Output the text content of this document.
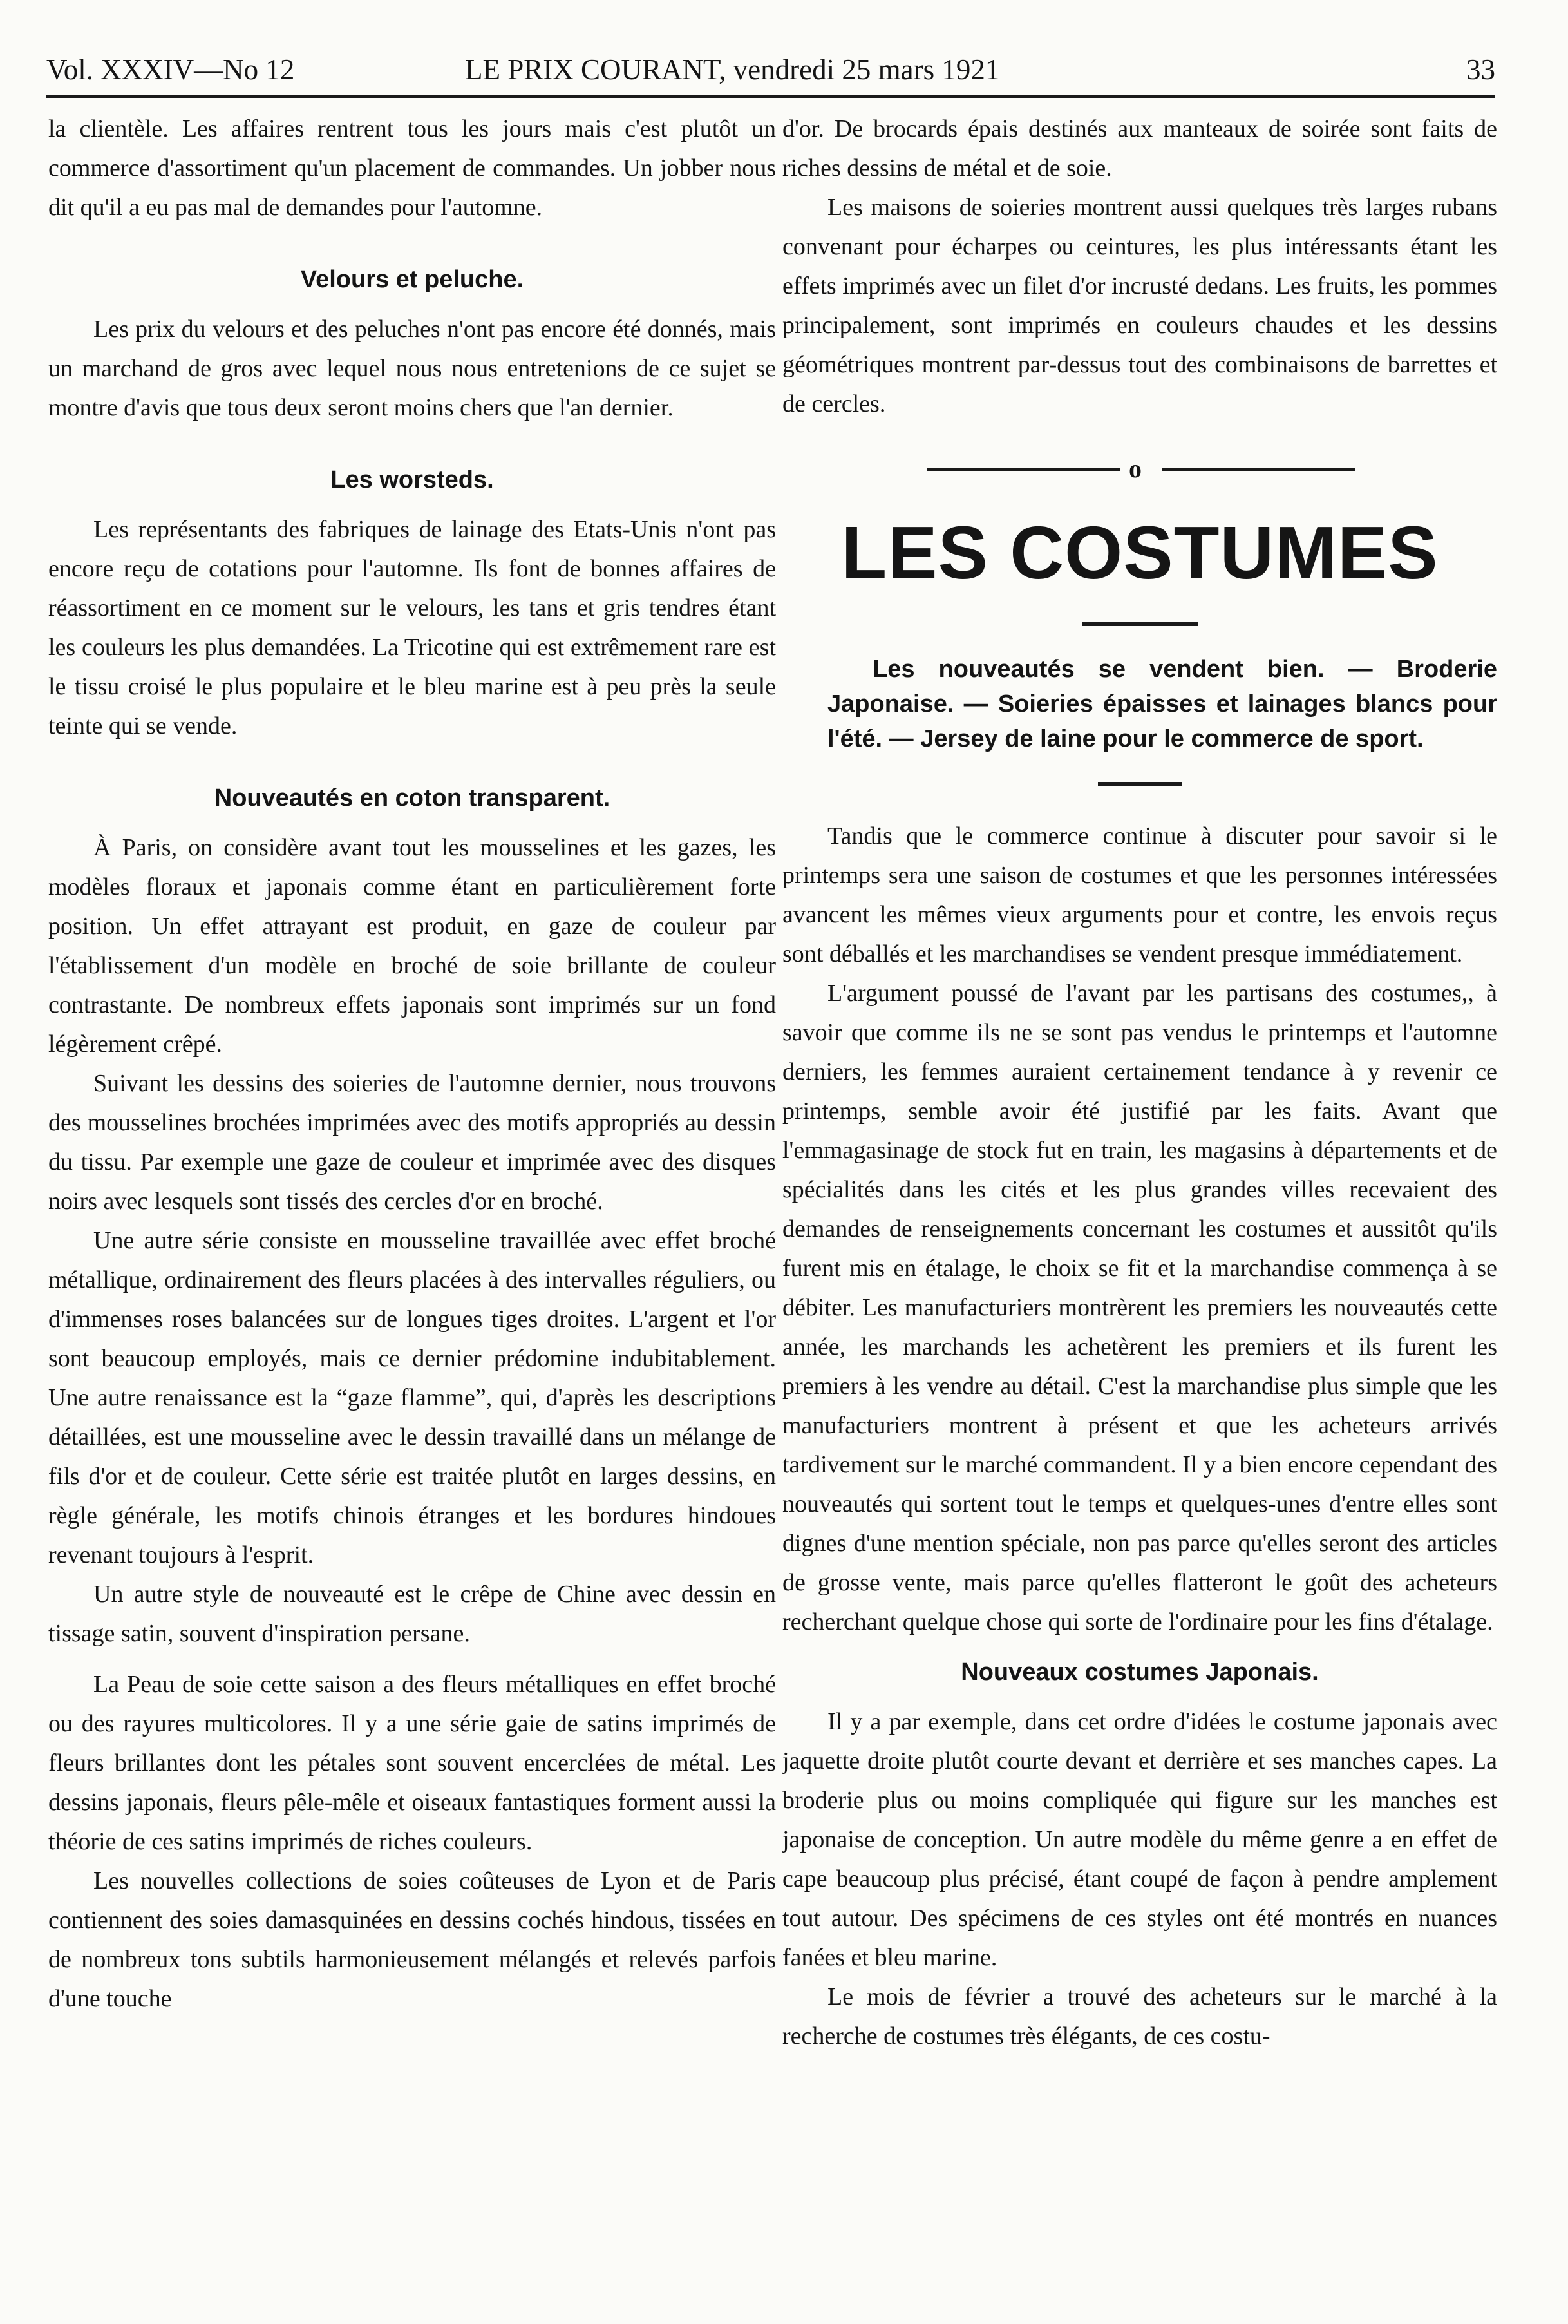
Vol. XXXIV—No 12	LE PRIX COURANT, vendredi 25 mars 1921	33

la clientèle. Les affaires rentrent tous les jours mais c'est plutôt un commerce d'assortiment qu'un placement de commandes. Un jobber nous dit qu'il a eu pas mal de demandes pour l'automne.

Velours et peluche.

Les prix du velours et des peluches n'ont pas encore été donnés, mais un marchand de gros avec lequel nous nous entretenions de ce sujet se montre d'avis que tous deux seront moins chers que l'an dernier.

Les worsteds.

Les représentants des fabriques de lainage des Etats-Unis n'ont pas encore reçu de cotations pour l'automne. Ils font de bonnes affaires de réassortiment en ce moment sur le velours, les tans et gris tendres étant les couleurs les plus demandées. La Tricotine qui est extrêmement rare est le tissu croisé le plus populaire et le bleu marine est à peu près la seule teinte qui se vende.

Nouveautés en coton transparent.

À Paris, on considère avant tout les mousselines et les gazes, les modèles floraux et japonais comme étant en particulièrement forte position. Un effet attrayant est produit, en gaze de couleur par l'établissement d'un modèle en broché de soie brillante de couleur contrastante. De nombreux effets japonais sont imprimés sur un fond légèrement crêpé.

Suivant les dessins des soieries de l'automne dernier, nous trouvons des mousselines brochées imprimées avec des motifs appropriés au dessin du tissu. Par exemple une gaze de couleur et imprimée avec des disques noirs avec lesquels sont tissés des cercles d'or en broché.

Une autre série consiste en mousseline travaillée avec effet broché métallique, ordinairement des fleurs placées à des intervalles réguliers, ou d'immenses roses balancées sur de longues tiges droites. L'argent et l'or sont beaucoup employés, mais ce dernier prédomine indubitablement. Une autre renaissance est la “gaze flamme”, qui, d'après les descriptions détaillées, est une mousseline avec le dessin travaillé dans un mélange de fils d'or et de couleur. Cette série est traitée plutôt en larges dessins, en règle générale, les motifs chinois étranges et les bordures hindoues revenant toujours à l'esprit.

Un autre style de nouveauté est le crêpe de Chine avec dessin en tissage satin, souvent d'inspiration persane.

La Peau de soie cette saison a des fleurs métalliques en effet broché ou des rayures multicolores. Il y a une série gaie de satins imprimés de fleurs brillantes dont les pétales sont souvent encerclées de métal. Les dessins japonais, fleurs pêle-mêle et oiseaux fantastiques forment aussi la théorie de ces satins imprimés de riches couleurs.

Les nouvelles collections de soies coûteuses de Lyon et de Paris contiennent des soies damasquinées en dessins cochés hindous, tissées en de nombreux tons subtils harmonieusement mélangés et relevés parfois d'une touche

d'or. De brocards épais destinés aux manteaux de soirée sont faits de riches dessins de métal et de soie.

Les maisons de soieries montrent aussi quelques très larges rubans convenant pour écharpes ou ceintures, les plus intéressants étant les effets imprimés avec un filet d'or incrusté dedans. Les fruits, les pommes principalement, sont imprimés en couleurs chaudes et les dessins géométriques montrent par-dessus tout des combinaisons de barrettes et de cercles.

o
LES COSTUMES

Les nouveautés se vendent bien. — Broderie Japonaise. — Soieries épaisses et lainages blancs pour l'été. — Jersey de laine pour le commerce de sport.

Tandis que le commerce continue à discuter pour savoir si le printemps sera une saison de costumes et que les personnes intéressées avancent les mêmes vieux arguments pour et contre, les envois reçus sont déballés et les marchandises se vendent presque immédiatement.

L'argument poussé de l'avant par les partisans des costumes,, à savoir que comme ils ne se sont pas vendus le printemps et l'automne derniers, les femmes auraient certainement tendance à y revenir ce printemps, semble avoir été justifié par les faits. Avant que l'emmagasinage de stock fut en train, les magasins à départements et de spécialités dans les cités et les plus grandes villes recevaient des demandes de renseignements concernant les costumes et aussitôt qu'ils furent mis en étalage, le choix se fit et la marchandise commença à se débiter. Les manufacturiers montrèrent les premiers les nouveautés cette année, les marchands les achetèrent les premiers et ils furent les premiers à les vendre au détail. C'est la marchandise plus simple que les manufacturiers montrent à présent et que les acheteurs arrivés tardivement sur le marché commandent. Il y a bien encore cependant des nouveautés qui sortent tout le temps et quelques-unes d'entre elles sont dignes d'une mention spéciale, non pas parce qu'elles seront des articles de grosse vente, mais parce qu'elles flatteront le goût des acheteurs recherchant quelque chose qui sorte de l'ordinaire pour les fins d'étalage.

Nouveaux costumes Japonais.

Il y a par exemple, dans cet ordre d'idées le costume japonais avec jaquette droite plutôt courte devant et derrière et ses manches capes. La broderie plus ou moins compliquée qui figure sur les manches est japonaise de conception. Un autre modèle du même genre a en effet de cape beaucoup plus précisé, étant coupé de façon à pendre amplement tout autour. Des spécimens de ces styles ont été montrés en nuances fanées et bleu marine.

Le mois de février a trouvé des acheteurs sur le marché à la recherche de costumes très élégants, de ces costu-
